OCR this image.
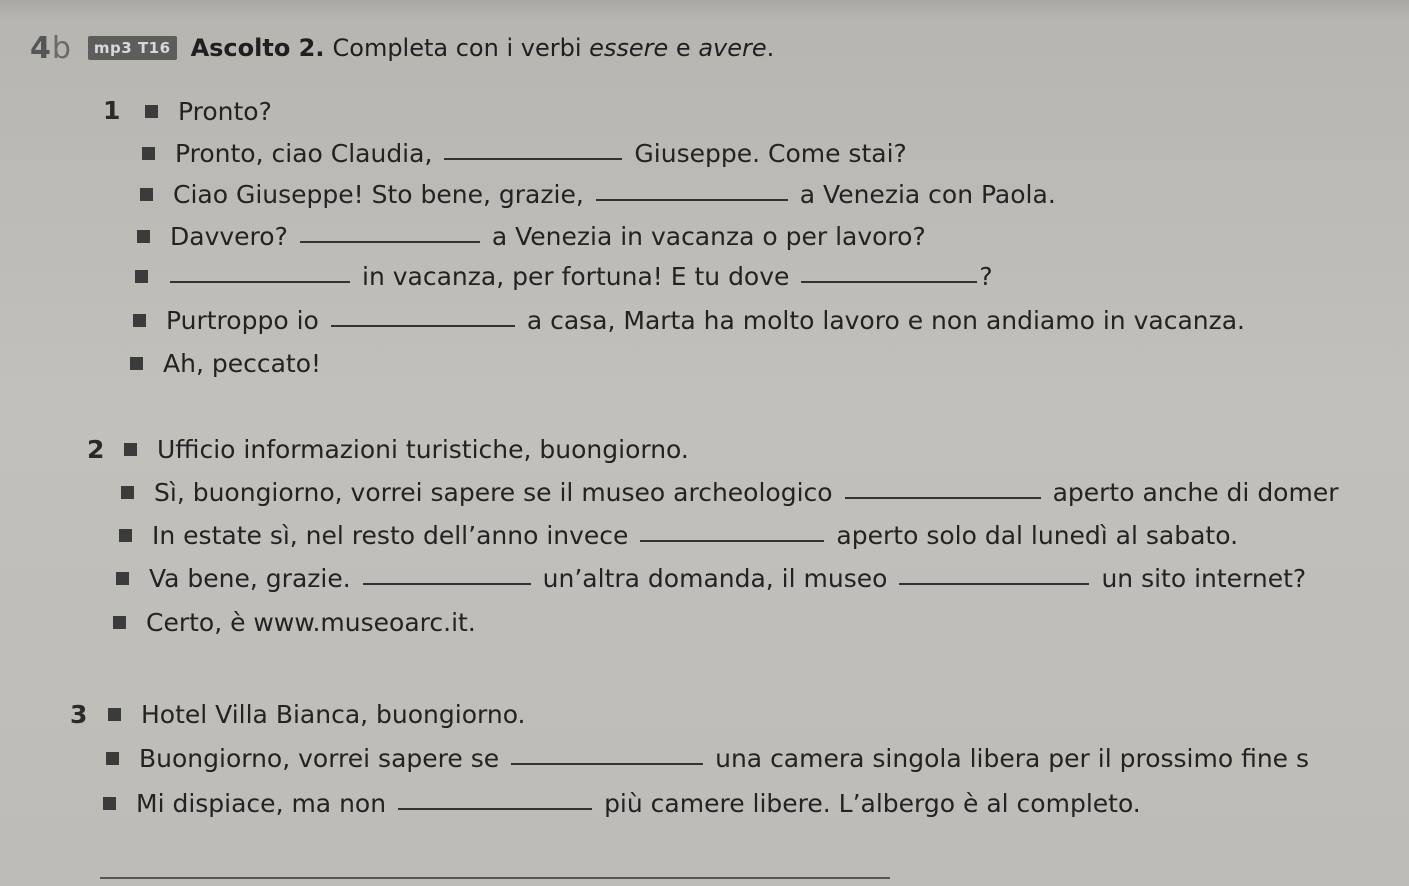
4b	mp3 T16 Ascolto 2. Completa con i verbi essere e avere.
1 Pronto?
Pronto, ciao Claudia,	Giuseppe. Come stai?
Ciao Giuseppe! Sto bene, grazie,	a Venezia con Paola.
Davvero?	a Venezia in vacanza o per lavoro?
in vacanza, per fortuna! E tu dove	?
Purtroppo io	a casa, Marta ha molto lavoro e non andiamo in vacanza.
Ah, peccato!
2 Ufficio informazioni turistiche, buongiorno.
Sì, buongiorno, vorrei sapere se il museo archeologico	aperto anche di domer
In estate sì, nel resto dell’anno invece	aperto solo dal lunedì al sabato.
Va bene, grazie.	un’altra domanda, il museo	un sito internet?
Certo, è www.museoarc.it.
3 Hotel Villa Bianca, buongiorno.
Buongiorno, vorrei sapere se	una camera singola libera per il prossimo fine s
Mi dispiace, ma non	più camere libere. L’albergo è al completo.
